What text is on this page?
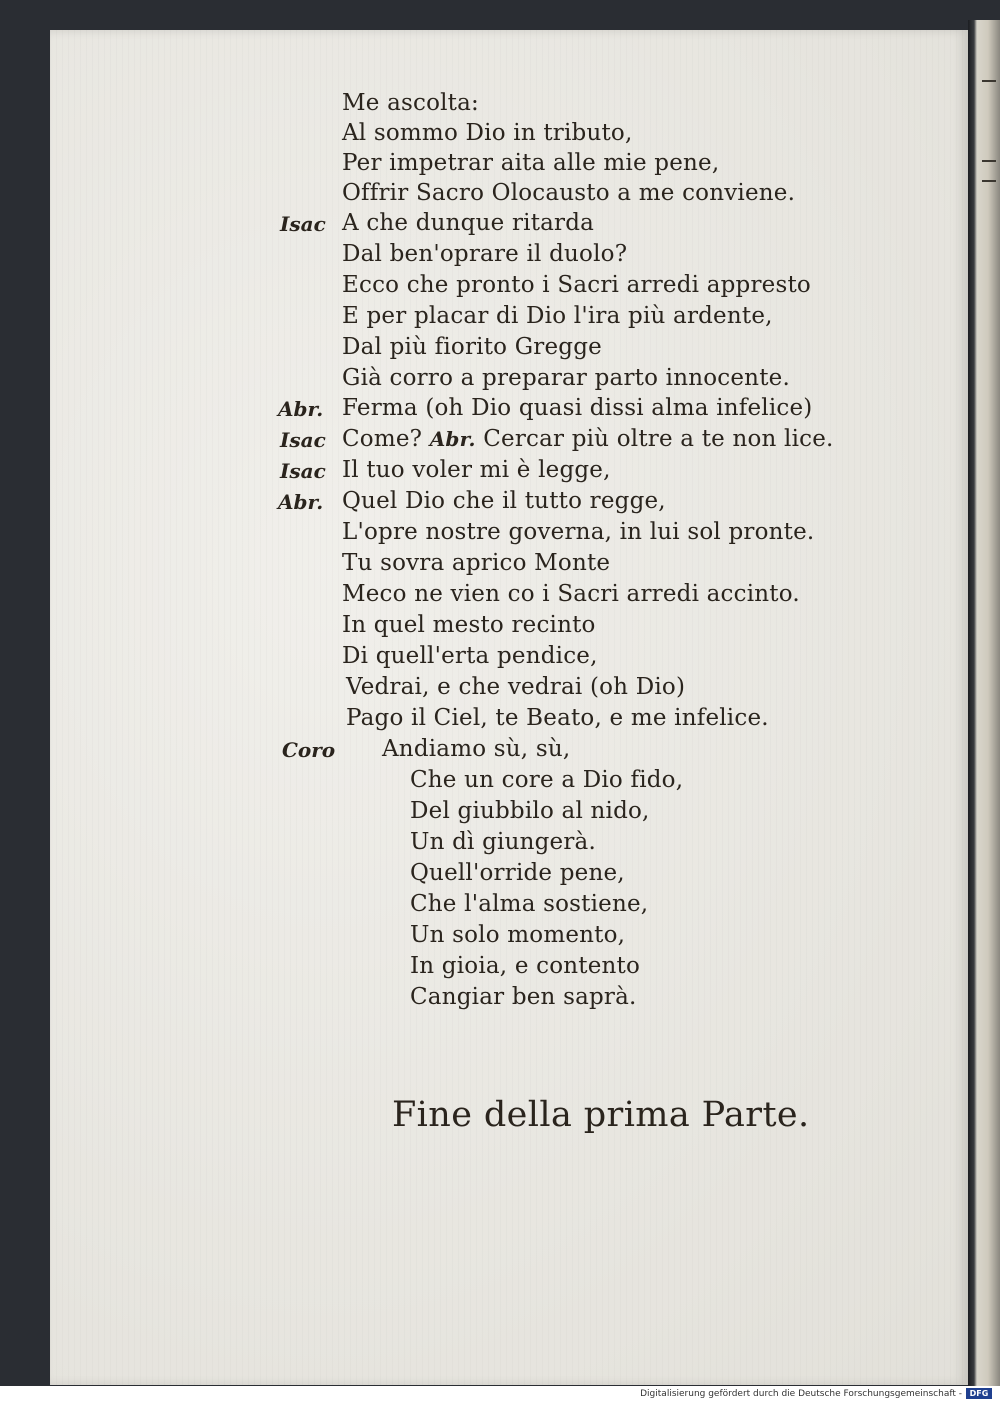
Me ascolta:
Al sommo Dio in tributo,
Per impetrar aita alle mie pene,
Offrir Sacro Olocausto a me conviene.
Isac A che dunque ritarda
Dal ben'oprare il duolo?
Ecco che pronto i Sacri arredi appresto
E per placar di Dio l'ira più ardente,
Dal più fiorito Gregge
Già corro a preparar parto innocente.
Abr. Ferma (oh Dio quasi dissi alma infelice)
Isac Come? Abr. Cercar più oltre a te non lice.
Isac Il tuo voler mi è legge,
Abr. Quel Dio che il tutto regge,
L'opre nostre governa, in lui sol pronte.
Tu sovra aprico Monte
Meco ne vien co i Sacri arredi accinto.
In quel mesto recinto
Di quell'erta pendice,
Vedrai, e che vedrai (oh Dio)
Pago il Ciel, te Beato, e me infelice.
Coro Andiamo sù, sù,
Che un core a Dio fido,
Del giubbilo al nido,
Un dì giungerà.
Quell'orride pene,
Che l'alma sostiene,
Un solo momento,
In gioia, e contento
Cangiar ben saprà.
Fine della prima Parte.
Digitalisierung gefördert durch die Deutsche Forschungsgemeinschaft - DFG
